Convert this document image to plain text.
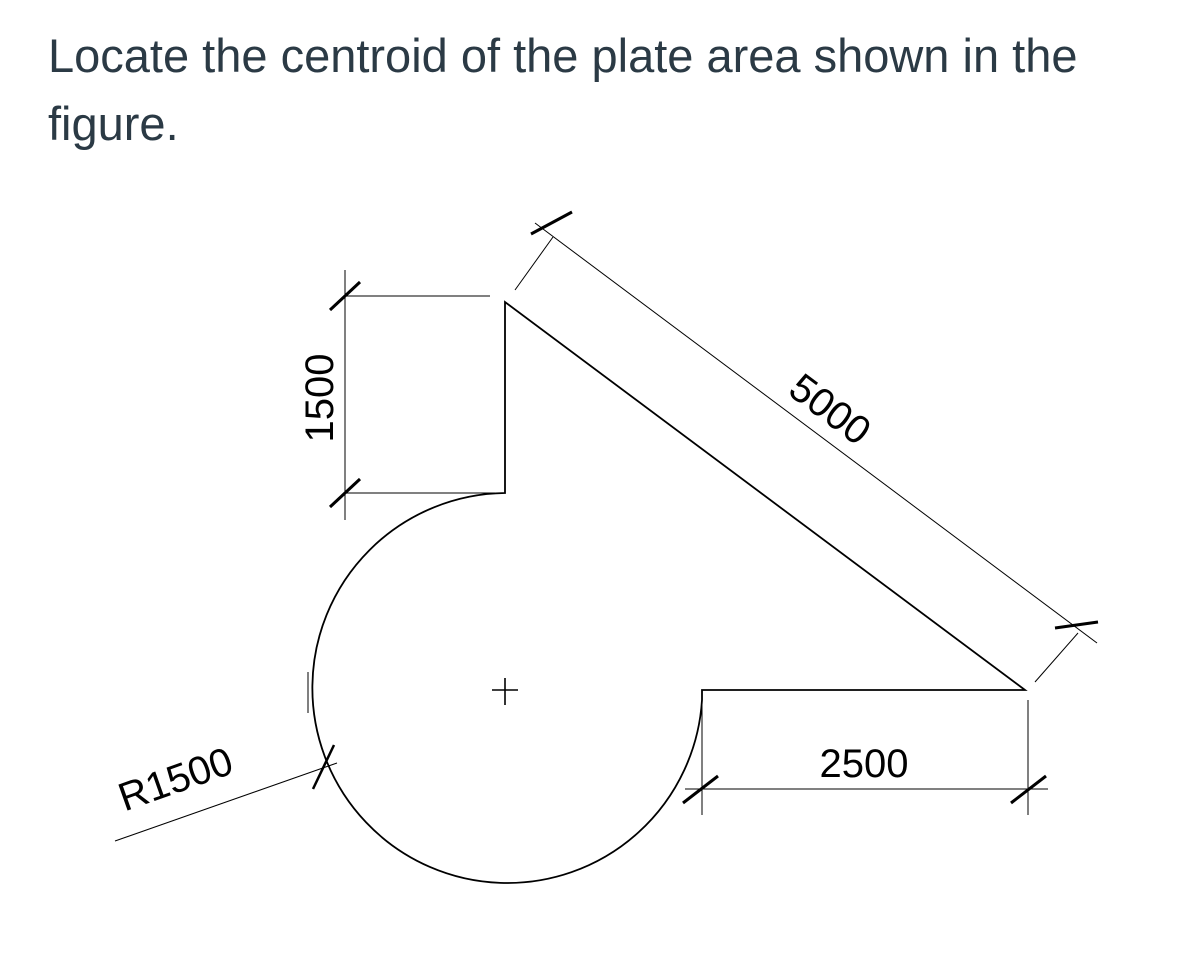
Locate the centroid of the plate area shown in the figure.

1500	5000
2500
R1500
